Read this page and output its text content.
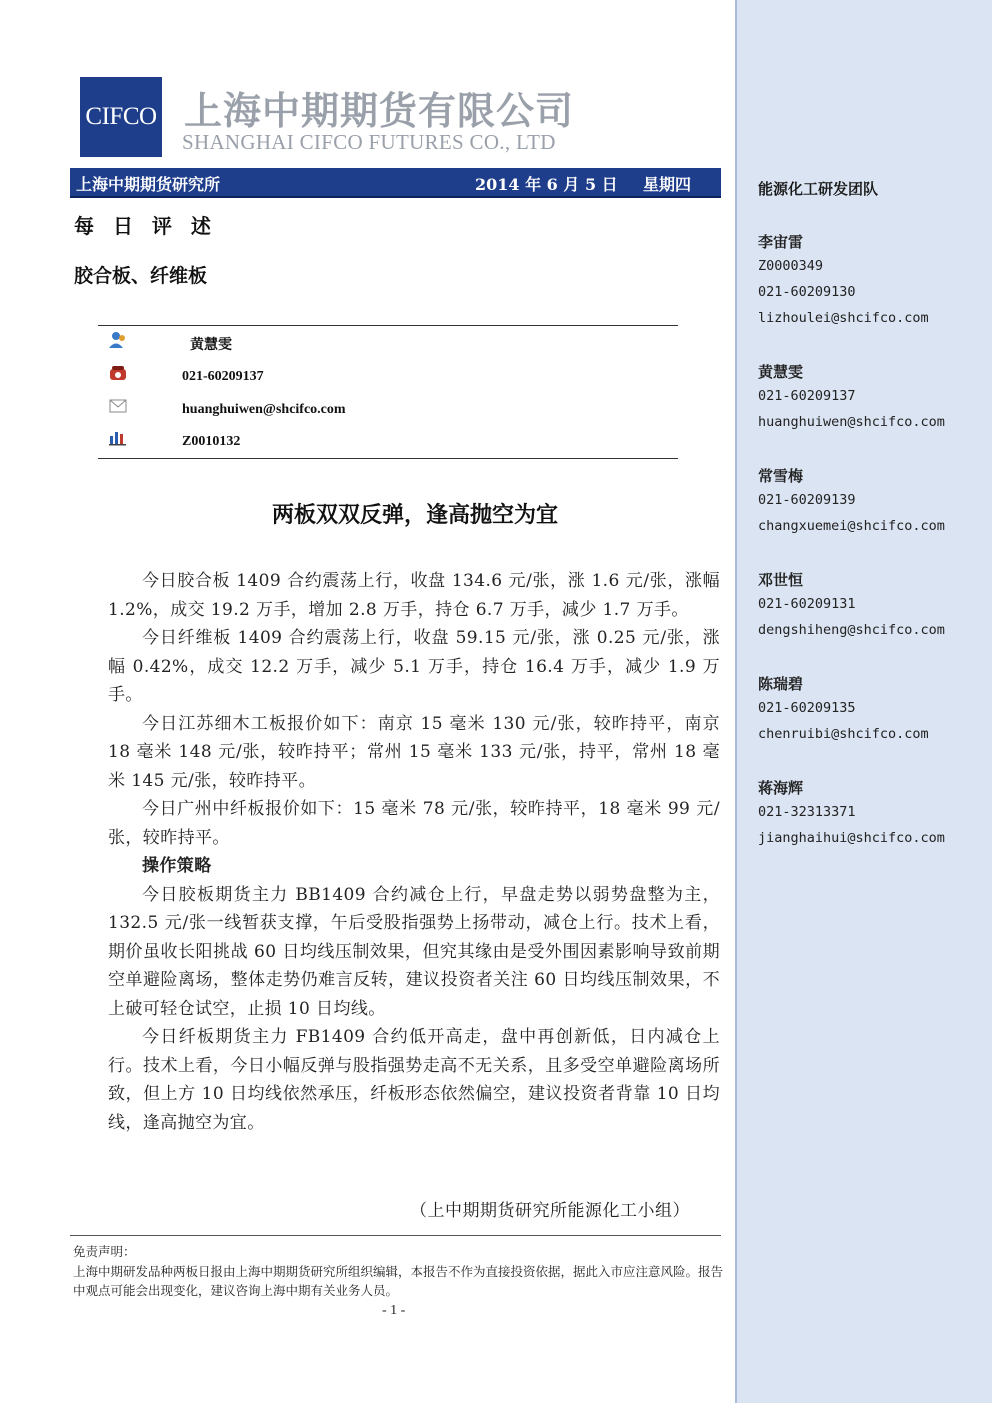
能源化工研发团队
李宙雷
Z0000349
021-60209130
lizhoulei@shcifco.com
黄慧雯
021-60209137
huanghuiwen@shcifco.com
常雪梅
021-60209139
changxuemei@shcifco.com
邓世恒
021-60209131
dengshiheng@shcifco.com
陈瑞碧
021-60209135
chenruibi@shcifco.com
蒋海辉
021-32313371
jianghaihui@shcifco.com
CIFCO 上海中期期货有限公司
SHANGHAI CIFCO FUTURES CO., LTD
上海中期期货研究所	2014 年 6 月 5 日 星期四
每 日 评 述
胶合板、纤维板
黄慧雯
021-60209137
huanghuiwen@shcifco.com
Z0010132
两板双双反弹，逢高抛空为宜

今日胶合板 1409 合约震荡上行，收盘 134.6 元/张，涨 1.6 元/张，涨幅 1.2%，成交 19.2 万手，增加 2.8 万手，持仓 6.7 万手，减少 1.7 万手。

今日纤维板 1409 合约震荡上行，收盘 59.15 元/张，涨 0.25 元/张，涨幅 0.42%，成交 12.2 万手，减少 5.1 万手，持仓 16.4 万手，减少 1.9 万手。

今日江苏细木工板报价如下：南京 15 毫米 130 元/张，较昨持平，南京 18 毫米 148 元/张，较昨持平；常州 15 毫米 133 元/张，持平，常州 18 毫米 145 元/张，较昨持平。

今日广州中纤板报价如下：15 毫米 78 元/张，较昨持平，18 毫米 99 元/张，较昨持平。

操作策略

今日胶板期货主力 BB1409 合约减仓上行，早盘走势以弱势盘整为主，132.5 元/张一线暂获支撑，午后受股指强势上扬带动，减仓上行。技术上看，期价虽收长阳挑战 60 日均线压制效果，但究其缘由是受外围因素影响导致前期空单避险离场，整体走势仍难言反转，建议投资者关注 60 日均线压制效果，不上破可轻仓试空，止损 10 日均线。

今日纤板期货主力 FB1409 合约低开高走，盘中再创新低，日内减仓上行。技术上看，今日小幅反弹与股指强势走高不无关系，且多受空单避险离场所致，但上方 10 日均线依然承压，纤板形态依然偏空，建议投资者背靠 10 日均线，逢高抛空为宜。

（上中期期货研究所能源化工小组）
免责声明：
上海中期研发品种两板日报由上海中期期货研究所组织编辑，本报告不作为直接投资依据，据此入市应注意风险。报告中观点可能会出现变化，建议咨询上海中期有关业务人员。
- 1 -
